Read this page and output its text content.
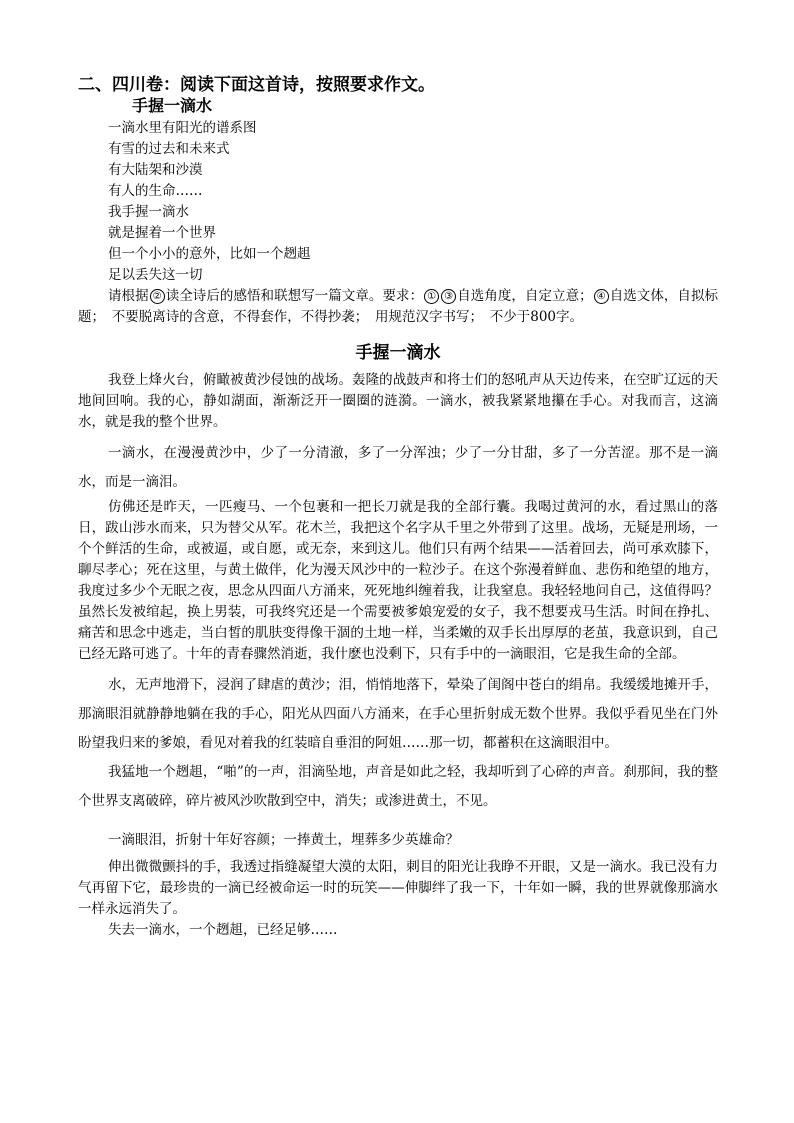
二、四川卷：阅读下面这首诗，按照要求作文。

手握一滴水

一滴水里有阳光的谱系图
有雪的过去和未来式
有大陆架和沙漠
有人的生命……
我手握一滴水
就是握着一个世界
但一个小小的意外，比如一个趔趄
足以丢失这一切

请根据 ② 读全诗后的感悟和联想写一篇文章。要求： ① ③ 自选角度，自定立意； ④ 自选文体，自拟标题；　不要脱离诗的含意，不得套作，不得抄袭；　用规范汉字书写；　不少于800字。

手握一滴水

我登上烽火台，俯瞰被黄沙侵蚀的战场。轰隆的战鼓声和将士们的怒吼声从天边传来，在空旷辽远的天地间回响。我的心，静如湖面，渐渐泛开一圈圈的涟漪。一滴水，被我紧紧地攥在手心。对我而言，这滴水，就是我的整个世界。

一滴水，在漫漫黄沙中，少了一分清澈，多了一分浑浊；少了一分甘甜，多了一分苦涩。那不是一滴水，而是一滴泪。

仿佛还是昨天，一匹瘦马、一个包裹和一把长刀就是我的全部行囊。我喝过黄河的水，看过黑山的落日，跋山涉水而来，只为替父从军。花木兰，我把这个名字从千里之外带到了这里。战场，无疑是刑场，一个个鲜活的生命，或被逼，或自愿，或无奈，来到这儿。他们只有两个结果——活着回去，尚可承欢膝下，聊尽孝心；死在这里，与黄土做伴，化为漫天风沙中的一粒沙子。在这个弥漫着鲜血、悲伤和绝望的地方，我度过多少个无眠之夜，思念从四面八方涌来，死死地纠缠着我，让我窒息。我轻轻地问自己，这值得吗？虽然长发被绾起，换上男装，可我终究还是一个需要被爹娘宠爱的女子，我不想要戎马生活。时间在挣扎、痛苦和思念中逃走，当白皙的肌肤变得像干涸的土地一样，当柔嫩的双手长出厚厚的老茧，我意识到，自己已经无路可逃了。十年的青春骤然消逝，我什麽也没剩下，只有手中的一滴眼泪，它是我生命的全部。

水，无声地滑下，浸润了肆虐的黄沙；泪，悄悄地落下，晕染了闺阁中苍白的绢帛。我缓缓地摊开手，那滴眼泪就静静地躺在我的手心，阳光从四面八方涌来，在手心里折射成无数个世界。我似乎看见坐在门外盼望我归来的爹娘，看见对着我的红装暗自垂泪的阿姐……那一切，都蓄积在这滴眼泪中。

我猛地一个趔趄，“啪”的一声，泪滴坠地，声音是如此之轻，我却听到了心碎的声音。刹那间，我的整个世界支离破碎，碎片被风沙吹散到空中，消失；或渗进黄土，不见。

一滴眼泪，折射十年好容颜；一捧黄土，埋葬多少英雄命？

伸出微微颤抖的手，我透过指缝凝望大漠的太阳，刺目的阳光让我睁不开眼，又是一滴水。我已没有力气再留下它，最珍贵的一滴已经被命运一时的玩笑——伸脚绊了我一下，十年如一瞬，我的世界就像那滴水一样永远消失了。

失去一滴水，一个趔趄，已经足够……
